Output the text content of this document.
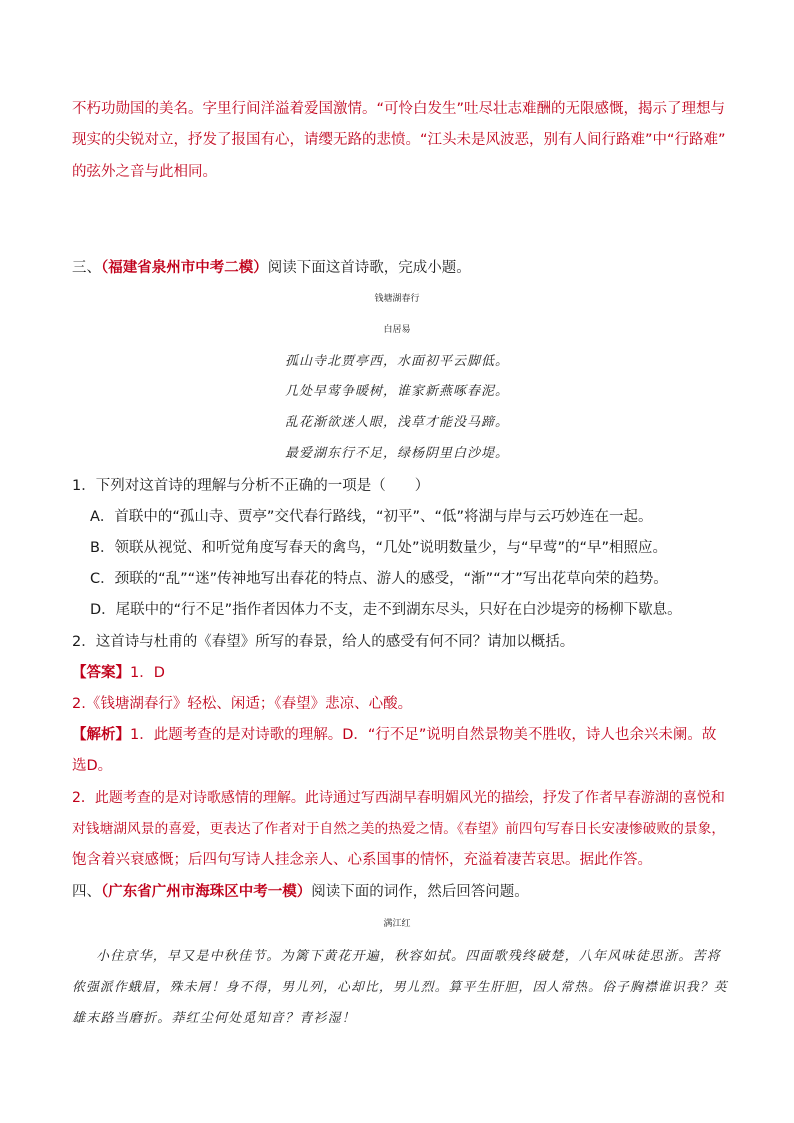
不朽功勋国的美名。字里行间洋溢着爱国激情。“可怜白发生”吐尽壮志难酬的无限感慨，揭示了理想与
现实的尖锐对立，抒发了报国有心，请缨无路的悲愤。“江头未是风波恶，别有人间行路难”中“行路难”
的弦外之音与此相同。
三、（福建省泉州市中考二模）阅读下面这首诗歌，完成小题。
钱塘湖春行
白居易
孤山寺北贾亭西，水面初平云脚低。
几处早莺争暖树，谁家新燕啄春泥。
乱花渐欲迷人眼，浅草才能没马蹄。
最爱湖东行不足，绿杨阴里白沙堤。
1．下列对这首诗的理解与分析不正确的一项是（　　）
A．首联中的“孤山寺、贾亭”交代春行路线，“初平”、“低”将湖与岸与云巧妙连在一起。
B．领联从视觉、和听觉角度写春天的禽鸟，“几处”说明数量少，与“早莺”的“早”相照应。
C．颈联的“乱”“迷”传神地写出春花的特点、游人的感受，“渐”“才”写出花草向荣的趋势。
D．尾联中的“行不足”指作者因体力不支，走不到湖东尽头，只好在白沙堤旁的杨柳下歇息。
2．这首诗与杜甫的《春望》所写的春景，给人的感受有何不同？请加以概括。
【答案】1．D
2.《钱塘湖春行》轻松、闲适；《春望》悲凉、心酸。
【解析】1．此题考查的是对诗歌的理解。D．“行不足”说明自然景物美不胜收，诗人也余兴未阑。故
选D。
2．此题考查的是对诗歌感情的理解。此诗通过写西湖早春明媚风光的描绘，抒发了作者早春游湖的喜悦和
对钱塘湖风景的喜爱，更表达了作者对于自然之美的热爱之情。《春望》前四句写春日长安凄惨破败的景象，
饱含着兴衰感慨；后四句写诗人挂念亲人、心系国事的情怀，充溢着凄苦哀思。据此作答。
四、（广东省广州市海珠区中考一模）阅读下面的词作，然后回答问题。
满江红
小住京华，早又是中秋佳节。为篱下黄花开遍，秋容如拭。四面歌残终破楚，八年风味徒思浙。苦将
侬强派作蛾眉，殊未屑！身不得，男儿列，心却比，男儿烈。算平生肝胆，因人常热。俗子胸襟谁识我？英
雄末路当磨折。莽红尘何处觅知音？青衫湿！
